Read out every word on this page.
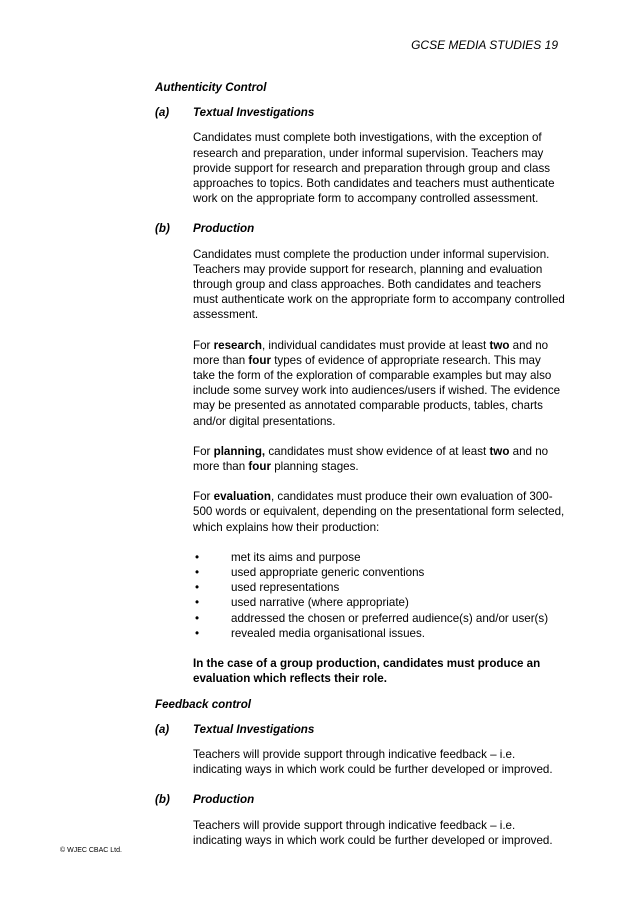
GCSE MEDIA STUDIES 19
Authenticity Control
(a)	Textual Investigations

Candidates must complete both investigations, with the exception of research and preparation, under informal supervision. Teachers may provide support for research and preparation through group and class approaches to topics. Both candidates and teachers must authenticate work on the appropriate form to accompany controlled assessment.

(b)	Production

Candidates must complete the production under informal supervision. Teachers may provide support for research, planning and evaluation through group and class approaches. Both candidates and teachers must authenticate work on the appropriate form to accompany controlled assessment.

For research, individual candidates must provide at least two and no more than four types of evidence of appropriate research. This may take the form of the exploration of comparable examples but may also include some survey work into audiences/users if wished. The evidence may be presented as annotated comparable products, tables, charts and/or digital presentations.

For planning, candidates must show evidence of at least two and no more than four planning stages.

For evaluation, candidates must produce their own evaluation of 300-500 words or equivalent, depending on the presentational form selected, which explains how their production:

•	met its aims and purpose
•	used appropriate generic conventions
•	used representations
•	used narrative (where appropriate)
•	addressed the chosen or preferred audience(s) and/or user(s)
•	revealed media organisational issues.

In the case of a group production, candidates must produce an evaluation which reflects their role.

Feedback control
(a)	Textual Investigations

Teachers will provide support through indicative feedback – i.e. indicating ways in which work could be further developed or improved.

(b)	Production

Teachers will provide support through indicative feedback – i.e. indicating ways in which work could be further developed or improved.

© WJEC CBAC Ltd.
